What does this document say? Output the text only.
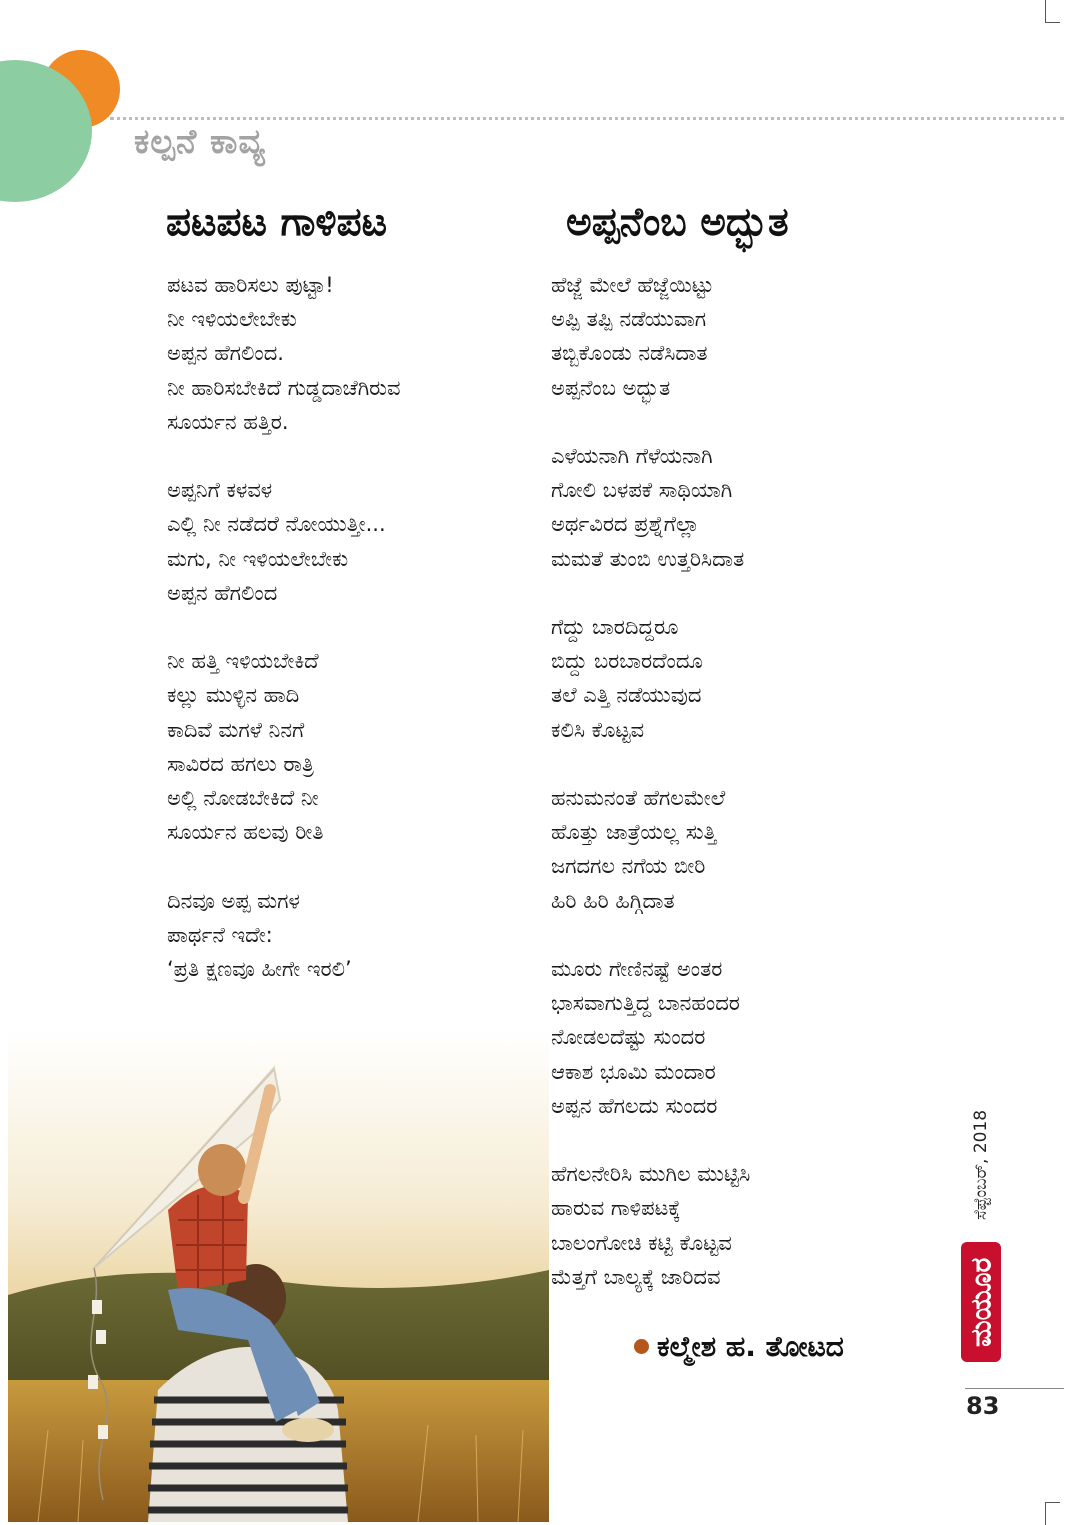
ಕಲ್ಪನೆ ಕಾವ್ಯ
ಪಟಪಟ ಗಾಳಿಪಟ
ಪಟವ ಹಾರಿಸಲು ಪುಟ್ಟಾ!
ನೀ ಇಳಿಯಲೇಬೇಕು
ಅಪ್ಪನ ಹೆಗಲಿಂದ.
ನೀ ಹಾರಿಸಬೇಕಿದೆ ಗುಡ್ಡದಾಚೆಗಿರುವ
ಸೂರ್ಯನ ಹತ್ತಿರ.
ಅಪ್ಪನಿಗೆ ಕಳವಳ
ಎಲ್ಲಿ ನೀ ನಡೆದರೆ ನೋಯುತ್ತೀ...
ಮಗು, ನೀ ಇಳಿಯಲೇಬೇಕು
ಅಪ್ಪನ ಹೆಗಲಿಂದ
ನೀ ಹತ್ತಿ ಇಳಿಯಬೇಕಿದೆ
ಕಲ್ಲು ಮುಳ್ಳಿನ ಹಾದಿ
ಕಾದಿವೆ ಮಗಳೆ ನಿನಗೆ
ಸಾವಿರದ ಹಗಲು ರಾತ್ರಿ
ಅಲ್ಲಿ ನೋಡಬೇಕಿದೆ ನೀ
ಸೂರ್ಯನ ಹಲವು ರೀತಿ
ದಿನವೂ ಅಪ್ಪ ಮಗಳ
ಪಾರ್ಥನೆ ಇದೇ:
‘ಪ್ರತಿ ಕ್ಷಣವೂ ಹೀಗೇ ಇರಲಿ’
ಅಪ್ಪನೆಂಬ ಅದ್ಭುತ
ಹೆಜ್ಜೆ ಮೇಲೆ ಹೆಜ್ಜೆಯಿಟ್ಟು
ಅಪ್ಪಿ ತಪ್ಪಿ ನಡೆಯುವಾಗ
ತಬ್ಬಿಕೊಂಡು ನಡೆಸಿದಾತ
ಅಪ್ಪನೆಂಬ ಅದ್ಭುತ
ಎಳೆಯನಾಗಿ ಗೆಳೆಯನಾಗಿ
ಗೋಲಿ ಬಳಪಕೆ ಸಾಥಿಯಾಗಿ
ಅರ್ಥವಿರದ ಪ್ರಶ್ನೆಗೆಲ್ಲಾ
ಮಮತೆ ತುಂಬಿ ಉತ್ತರಿಸಿದಾತ
ಗೆದ್ದು ಬಾರದಿದ್ದರೂ
ಬಿದ್ದು ಬರಬಾರದೆಂದೂ
ತಲೆ ಎತ್ತಿ ನಡೆಯುವುದ
ಕಲಿಸಿ ಕೊಟ್ಟವ
ಹನುಮನಂತೆ ಹೆಗಲಮೇಲೆ
ಹೊತ್ತು ಜಾತ್ರೆಯಲ್ಲ ಸುತ್ತಿ
ಜಗದಗಲ ನಗೆಯ ಬೀರಿ
ಹಿರಿ ಹಿರಿ ಹಿಗ್ಗಿದಾತ
ಮೂರು ಗೇಣಿನಷ್ಟೆ ಅಂತರ
ಭಾಸವಾಗುತ್ತಿದ್ದ ಬಾನಹಂದರ
ನೋಡಲದೆಷ್ಟು ಸುಂದರ
ಆಕಾಶ ಭೂಮಿ ಮಂದಾರ
ಅಪ್ಪನ ಹೆಗಲದು ಸುಂದರ
ಹೆಗಲನೇರಿಸಿ ಮುಗಿಲ ಮುಟ್ಟಿಸಿ
ಹಾರುವ ಗಾಳಿಪಟಕ್ಕೆ
ಬಾಲಂಗೋಚಿ ಕಟ್ಟಿ ಕೊಟ್ಟವ
ಮೆತ್ತಗೆ ಬಾಲ್ಯಕ್ಕೆ ಜಾರಿದವ
ಕಲ್ಮೇಶ ಹ. ತೋಟದ
ಸೆಪ್ಟೆಂಬರ್, 2018
ಮಯೂರ
83
